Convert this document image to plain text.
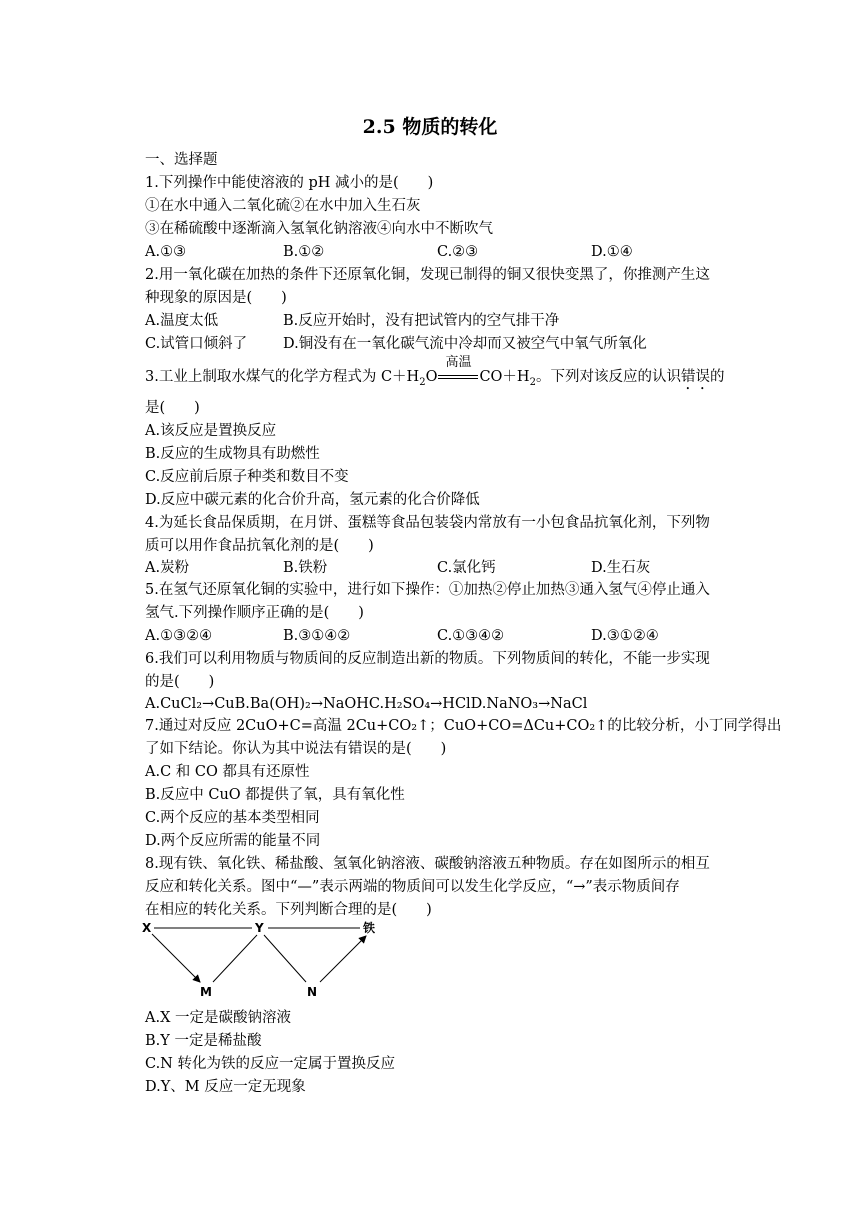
2.5 物质的转化
一、选择题
1.下列操作中能使溶液的 pH 减小的是(　　)
①在水中通入二氧化硫②在水中加入生石灰
③在稀硫酸中逐渐滴入氢氧化钠溶液④向水中不断吹气
A.①③	B.①②	C.②③	D.①④
2.用一氧化碳在加热的条件下还原氧化铜，发现已制得的铜又很快变黑了，你推测产生这
种现象的原因是(　　)
A.温度太低	B.反应开始时，没有把试管内的空气排干净
C.试管口倾斜了 D.铜没有在一氧化碳气流中冷却而又被空气中氧气所氧化
3.工业上制取水煤气的化学方程式为 $C+H_2O$
高温
$CO+H_2$。下列对该反应的认识错误的
是(　　)
A.该反应是置换反应
B.反应的生成物具有助燃性
C.反应前后原子种类和数目不变
D.反应中碳元素的化合价升高，氢元素的化合价降低
4.为延长食品保质期，在月饼、蛋糕等食品包装袋内常放有一小包食品抗氧化剂，下列物
质可以用作食品抗氧化剂的是(　　)
A.炭粉	B.铁粉	C.氯化钙	D.生石灰
5.在氢气还原氧化铜的实验中，进行如下操作：①加热②停止加热③通入氢气④停止通入
氢气.下列操作顺序正确的是(　　)
A.①③②④	B.③①④②	C.①③④②	D.③①②④
6.我们可以利用物质与物质间的反应制造出新的物质。下列物质间的转化，不能一步实现
的是(　　)
A.CuCl₂→CuB.Ba(OH)₂→NaOHC.H₂SO₄→HClD.NaNO₃→NaCl
7.通过对反应 2CuO+C=高温 2Cu+CO₂↑；CuO+CO=ΔCu+CO₂↑的比较分析，小丁同学得出
了如下结论。你认为其中说法有错误的是(　　)
A.C 和 CO 都具有还原性
B.反应中 CuO 都提供了氧，具有氧化性
C.两个反应的基本类型相同
D.两个反应所需的能量不同
8.现有铁、氧化铁、稀盐酸、氢氧化钠溶液、碳酸钠溶液五种物质。存在如图所示的相互
反应和转化关系。图中“—”表示两端的物质间可以发生化学反应，“→”表示物质间存
在相应的转化关系。下列判断合理的是(　　)
X	Y	铁
M	N
A.X 一定是碳酸钠溶液
B.Y 一定是稀盐酸
C.N 转化为铁的反应一定属于置换反应
D.Y、M 反应一定无现象
